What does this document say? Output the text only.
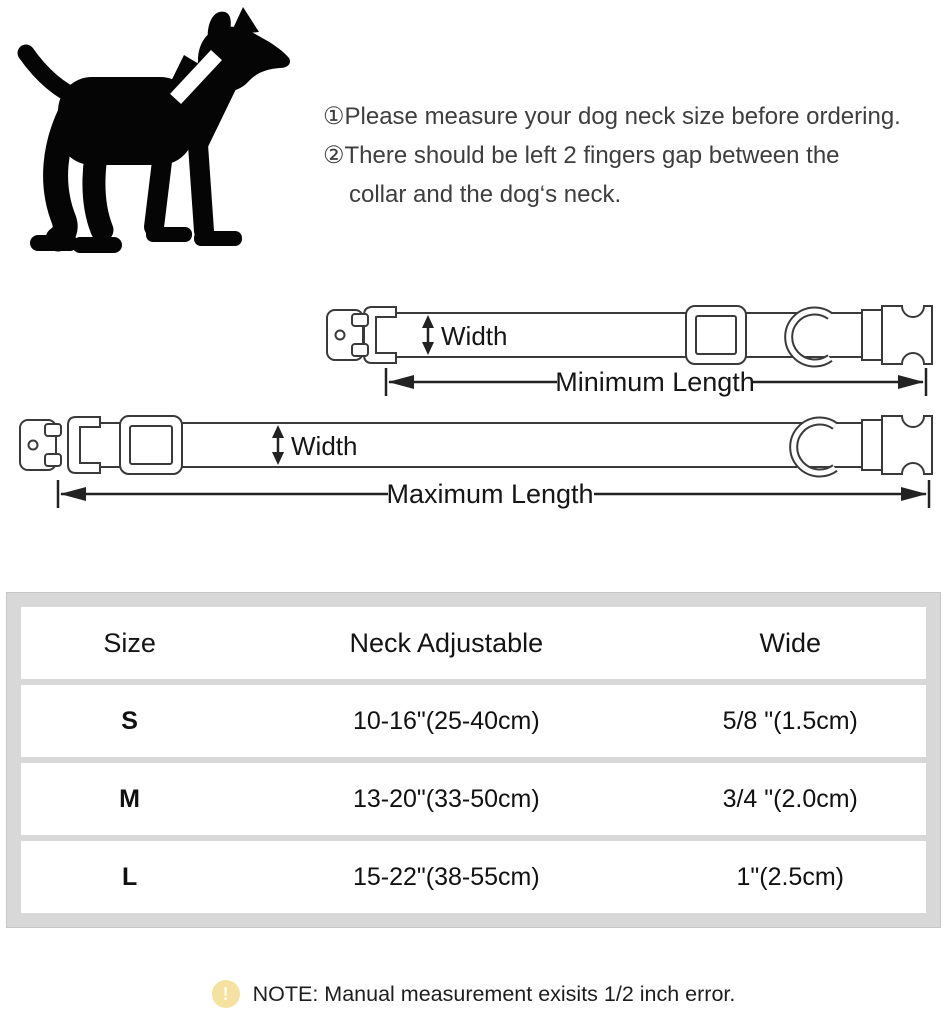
①Please measure your dog neck size before ordering.
②There should be left 2 fingers gap between the
collar and the dog‘s neck.
Width
Minimum Length
Width
Maximum Length
Size	Neck Adjustable	Wide
S	10-16"(25-40cm)	5/8 "(1.5cm)
M	13-20"(33-50cm)	3/4 "(2.0cm)
L	15-22"(38-55cm)	1"(2.5cm)
!	NOTE: Manual measurement exisits 1/2 inch error.
